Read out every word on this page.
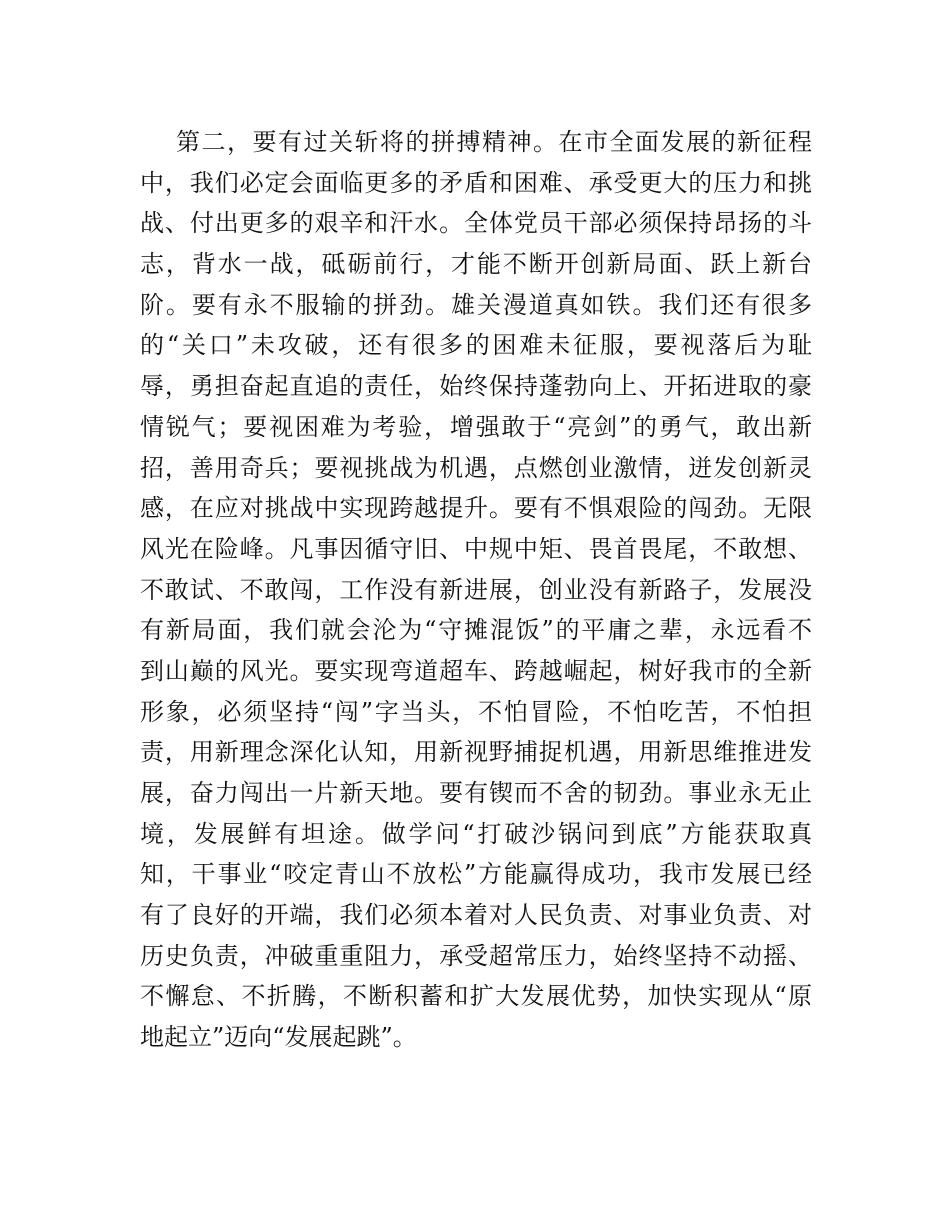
第二，要有过关斩将的拼搏精神。在市全面发展的新征程
中，我们必定会面临更多的矛盾和困难、承受更大的压力和挑
战、付出更多的艰辛和汗水。全体党员干部必须保持昂扬的斗
志，背水一战，砥砺前行，才能不断开创新局面、跃上新台
阶。要有永不服输的拼劲。雄关漫道真如铁。我们还有很多
的“关口”未攻破，还有很多的困难未征服，要视落后为耻
辱，勇担奋起直追的责任，始终保持蓬勃向上、开拓进取的豪
情锐气；要视困难为考验，增强敢于“亮剑”的勇气，敢出新
招，善用奇兵；要视挑战为机遇，点燃创业激情，迸发创新灵
感，在应对挑战中实现跨越提升。要有不惧艰险的闯劲。无限
风光在险峰。凡事因循守旧、中规中矩、畏首畏尾，不敢想、
不敢试、不敢闯，工作没有新进展，创业没有新路子，发展没
有新局面，我们就会沦为“守摊混饭”的平庸之辈，永远看不
到山巅的风光。要实现弯道超车、跨越崛起，树好我市的全新
形象，必须坚持“闯”字当头，不怕冒险，不怕吃苦，不怕担
责，用新理念深化认知，用新视野捕捉机遇，用新思维推进发
展，奋力闯出一片新天地。要有锲而不舍的韧劲。事业永无止
境，发展鲜有坦途。做学问“打破沙锅问到底”方能获取真
知，干事业“咬定青山不放松”方能赢得成功，我市发展已经
有了良好的开端，我们必须本着对人民负责、对事业负责、对
历史负责，冲破重重阻力，承受超常压力，始终坚持不动摇、
不懈怠、不折腾，不断积蓄和扩大发展优势，加快实现从“原
地起立”迈向“发展起跳”。
